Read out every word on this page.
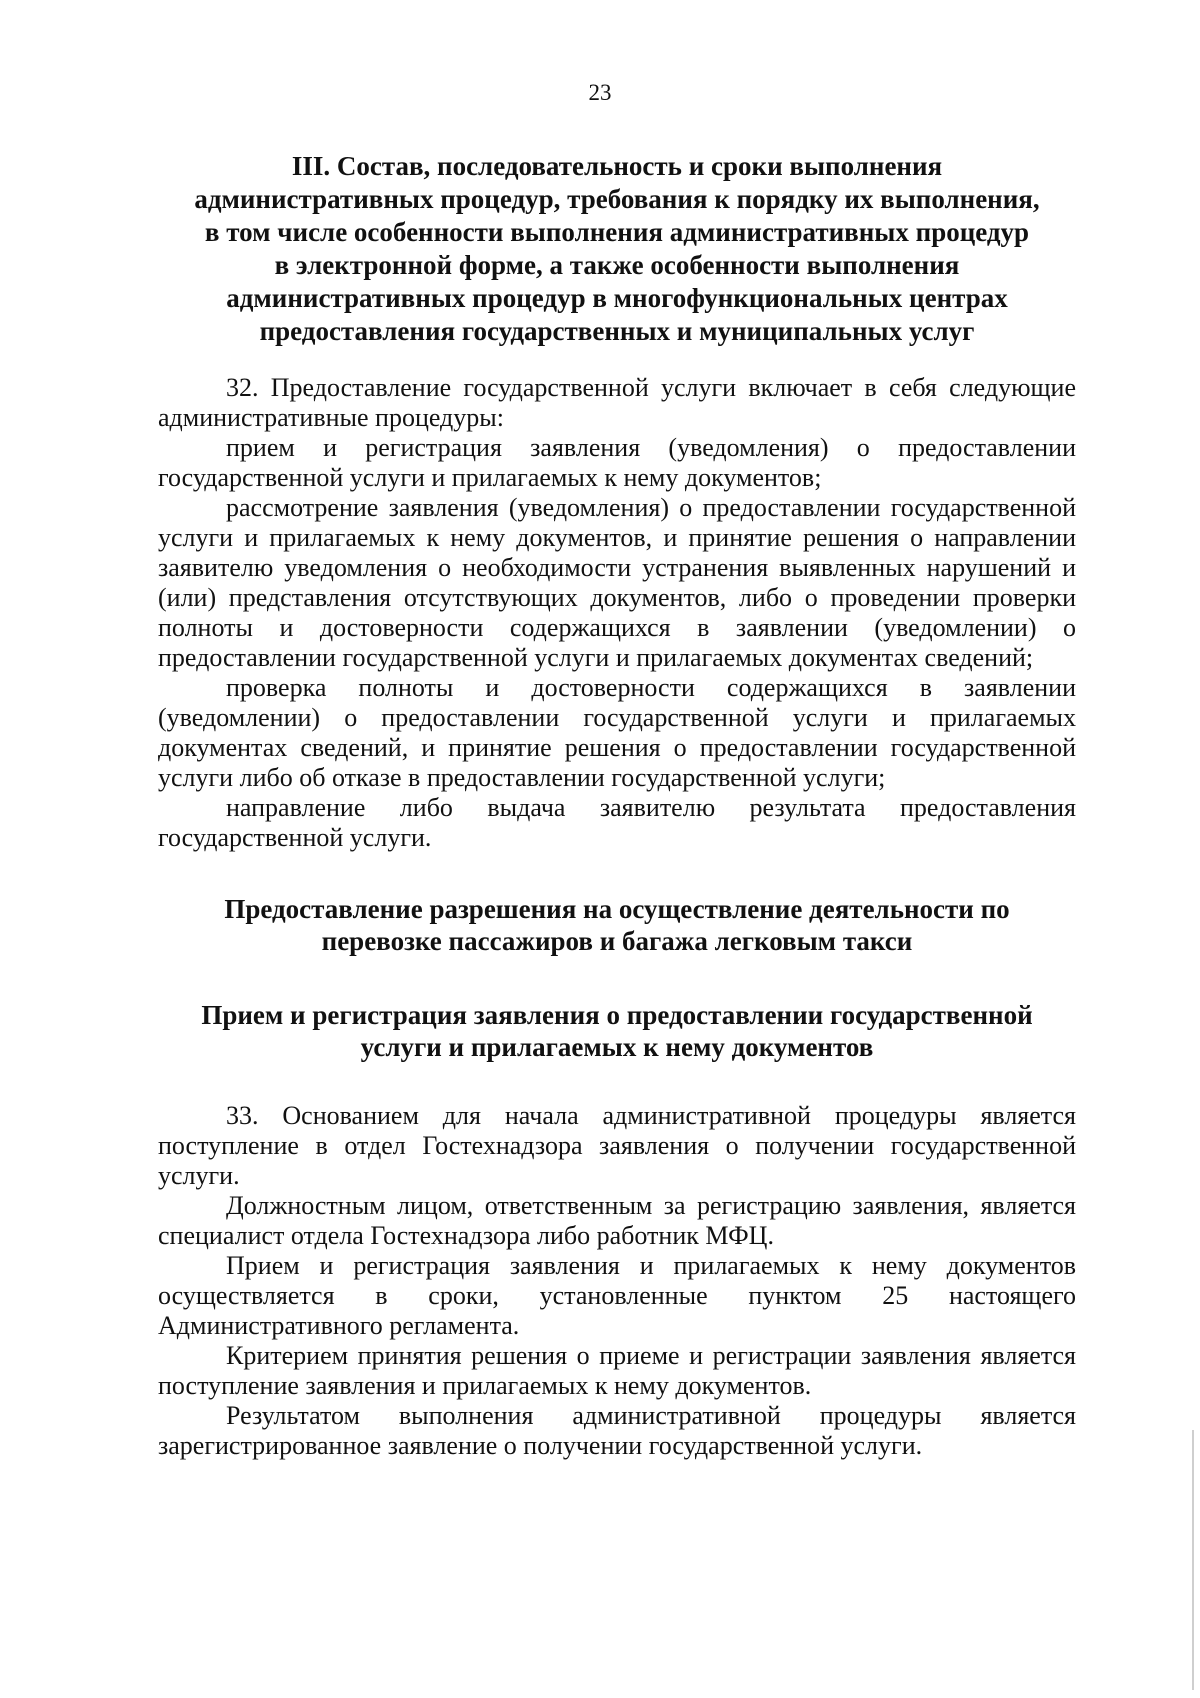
23
III. Состав, последовательность и сроки выполнения
административных процедур, требования к порядку их выполнения,
в том числе особенности выполнения административных процедур
в электронной форме, а также особенности выполнения
административных процедур в многофункциональных центрах
предоставления государственных и муниципальных услуг

32. Предоставление государственной услуги включает в себя следующие административные процедуры:

прием и регистрация заявления (уведомления) о предоставлении государственной услуги и прилагаемых к нему документов;

рассмотрение заявления (уведомления) о предоставлении государственной услуги и прилагаемых к нему документов, и принятие решения о направлении заявителю уведомления о необходимости устранения выявленных нарушений и (или) представления отсутствующих документов, либо о проведении проверки полноты и достоверности содержащихся в заявлении (уведомлении) о предоставлении государственной услуги и прилагаемых документах сведений;

проверка полноты и достоверности содержащихся в заявлении (уведомлении) о предоставлении государственной услуги и прилагаемых документах сведений, и принятие решения о предоставлении государственной услуги либо об отказе в предоставлении государственной услуги;

направление либо выдача заявителю результата предоставления государственной услуги.

Предоставление разрешения на осуществление деятельности по
перевозке пассажиров и багажа легковым такси
Прием и регистрация заявления о предоставлении государственной
услуги и прилагаемых к нему документов

33. Основанием для начала административной процедуры является поступление в отдел Гостехнадзора заявления о получении государственной услуги.

Должностным лицом, ответственным за регистрацию заявления, является специалист отдела Гостехнадзора либо работник МФЦ.

Прием и регистрация заявления и прилагаемых к нему документов осуществляется в сроки, установленные пунктом 25 настоящего Административного регламента.

Критерием принятия решения о приеме и регистрации заявления является поступление заявления и прилагаемых к нему документов.

Результатом выполнения административной процедуры является зарегистрированное заявление о получении государственной услуги.
